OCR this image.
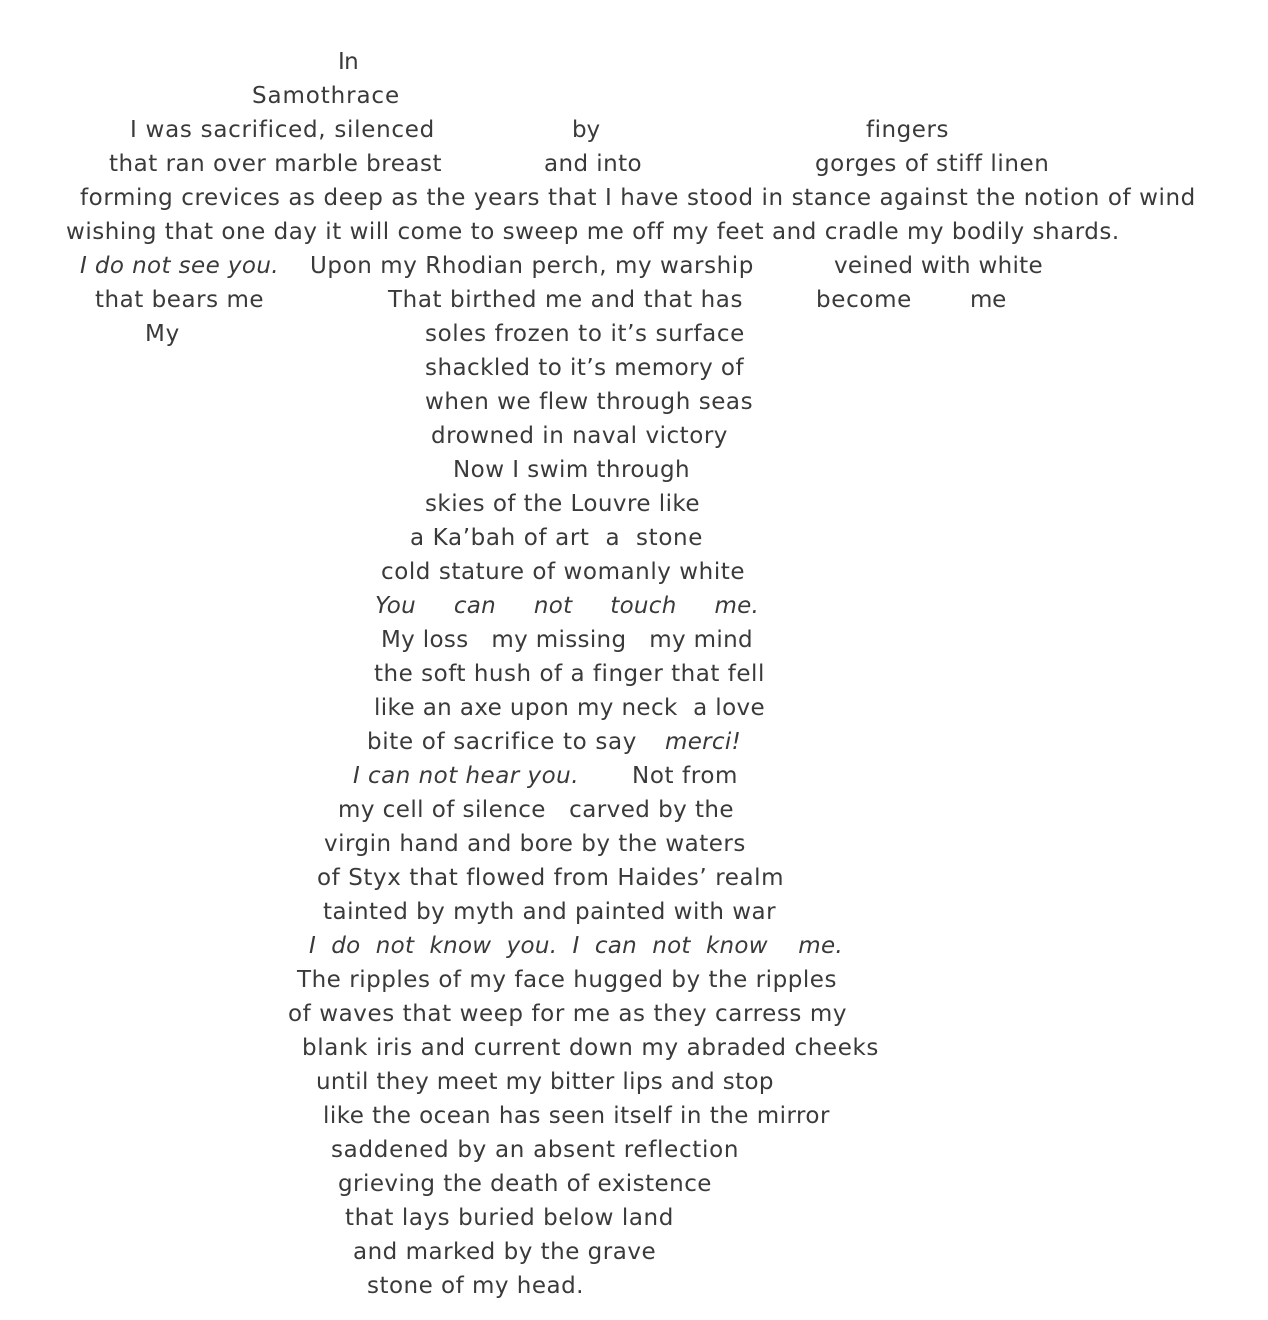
In
Samothrace
I was sacrificed, silenced	by	fingers
that ran over marble breast	and into	gorges of stiff linen
forming crevices as deep as the years that I have stood in stance against the notion of wind
wishing that one day it will come to sweep me off my feet and cradle my bodily shards.
I do not see you. Upon my Rhodian perch, my warship	veined with white
that bears me	That birthed me and that has	become	me
My	soles frozen to it’s surface
shackled to it’s memory of
when we flew through seas
drowned in naval victory
Now I swim through
skies of the Louvre like
a Ka’bah of art  a  stone
cold stature of womanly white
You     can     not     touch     me.
My loss   my missing   my mind
the soft hush of a finger that fell
like an axe upon my neck  a love
bite of sacrifice to say merci!
I can not hear you. Not from
my cell of silence   carved by the
virgin hand and bore by the waters
of Styx that flowed from Haides’ realm
tainted by myth and painted with war
I  do  not  know  you.  I  can  not  know    me.
The ripples of my face hugged by the ripples
of waves that weep for me as they carress my
blank iris and current down my abraded cheeks
until they meet my bitter lips and stop
like the ocean has seen itself in the mirror
saddened by an absent reflection
grieving the death of existence
that lays buried below land
and marked by the grave
stone of my head.
